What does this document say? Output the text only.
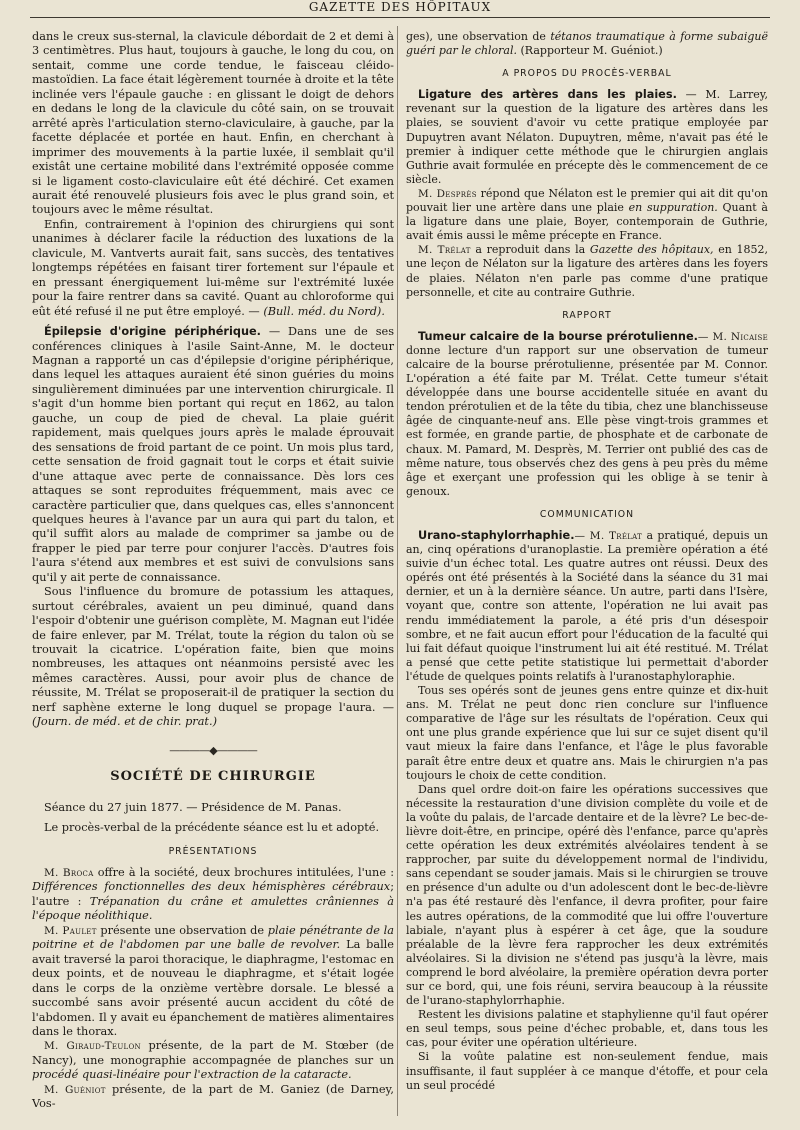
GAZETTE DES HÔPITAUX

dans le creux sus-sternal, la clavicule débordait de 2 et demi à 3 centimètres. Plus haut, toujours à gauche, le long du cou, on sentait, comme une corde tendue, le faisceau cléido-mastoïdien. La face était légèrement tournée à droite et la tête inclinée vers l'épaule gauche : en glissant le doigt de dehors en dedans le long de la clavicule du côté sain, on se trouvait arrêté après l'articulation sterno-claviculaire, à gauche, par la facette déplacée et portée en haut. Enfin, en cherchant à imprimer des mouvements à la partie luxée, il semblait qu'il existât une certaine mobilité dans l'extrémité opposée comme si le ligament costo-claviculaire eût été déchiré. Cet examen aurait été renouvelé plusieurs fois avec le plus grand soin, et toujours avec le même résultat.

Enfin, contrairement à l'opinion des chirurgiens qui sont unanimes à déclarer facile la réduction des luxations de la clavicule, M. Vantverts aurait fait, sans succès, des tentatives longtemps répétées en faisant tirer fortement sur l'épaule et en pressant énergiquement lui-même sur l'extrémité luxée pour la faire rentrer dans sa cavité. Quant au chloroforme qui eût été refusé il ne put être employé. — (Bull. méd. du Nord).

Épilepsie d'origine périphérique. — Dans une de ses conférences cliniques à l'asile Saint-Anne, M. le docteur Magnan a rapporté un cas d'épilepsie d'origine périphérique, dans lequel les attaques auraient été sinon guéries du moins singulièrement diminuées par une intervention chirurgicale. Il s'agit d'un homme bien portant qui reçut en 1862, au talon gauche, un coup de pied de cheval. La plaie guérit rapidement, mais quelques jours après le malade éprouvait des sensations de froid partant de ce point. Un mois plus tard, cette sensation de froid gagnait tout le corps et était suivie d'une attaque avec perte de connaissance. Dès lors ces attaques se sont reproduites fréquemment, mais avec ce caractère particulier que, dans quelques cas, elles s'annoncent quelques heures à l'avance par un aura qui part du talon, et qu'il suffit alors au malade de comprimer sa jambe ou de frapper le pied par terre pour conjurer l'accès. D'autres fois l'aura s'étend aux membres et est suivi de convulsions sans qu'il y ait perte de connaissance.

Sous l'influence du bromure de potassium les attaques, surtout cérébrales, avaient un peu diminué, quand dans l'espoir d'obtenir une guérison complète, M. Magnan eut l'idée de faire enlever, par M. Trélat, toute la région du talon où se trouvait la cicatrice. L'opération faite, bien que moins nombreuses, les attaques ont néanmoins persisté avec les mêmes caractères. Aussi, pour avoir plus de chance de réussite, M. Trélat se proposerait-il de pratiquer la section du nerf saphène externe le long duquel se propage l'aura. — (Journ. de méd. et de chir. prat.)

————◆————
SOCIÉTÉ DE CHIRURGIE

Séance du 27 juin 1877. — Présidence de M. Panas.

Le procès-verbal de la précédente séance est lu et adopté.

PRÉSENTATIONS

M. Broca offre à la société, deux brochures intitulées, l'une : Différences fonctionnelles des deux hémisphères cérébraux; l'autre : Trépanation du crâne et amulettes crâniennes à l'époque néolithique.

M. Paulet présente une observation de plaie pénétrante de la poitrine et de l'abdomen par une balle de revolver. La balle avait traversé la paroi thoracique, le diaphragme, l'estomac en deux points, et de nouveau le diaphragme, et s'était logée dans le corps de la onzième vertèbre dorsale. Le blessé a succombé sans avoir présenté aucun accident du côté de l'abdomen. Il y avait eu épanchement de matières alimentaires dans le thorax.

M. Giraud-Teulon présente, de la part de M. Stœber (de Nancy), une monographie accompagnée de planches sur un procédé quasi-linéaire pour l'extraction de la cataracte.

M. Guéniot présente, de la part de M. Ganiez (de Darney, Vos-

ges), une observation de tétanos traumatique à forme subaiguë guéri par le chloral. (Rapporteur M. Guéniot.)

A PROPOS DU PROCÈS-VERBAL

Ligature des artères dans les plaies. — M. Larrey, revenant sur la question de la ligature des artères dans les plaies, se souvient d'avoir vu cette pratique employée par Dupuytren avant Nélaton. Dupuytren, même, n'avait pas été le premier à indiquer cette méthode que le chirurgien anglais Guthrie avait formulée en précepte dès le commencement de ce siècle.

M. Desprès répond que Nélaton est le premier qui ait dit qu'on pouvait lier une artère dans une plaie en suppuration. Quant à la ligature dans une plaie, Boyer, contemporain de Guthrie, avait émis aussi le même précepte en France.

M. Trélat a reproduit dans la Gazette des hôpitaux, en 1852, une leçon de Nélaton sur la ligature des artères dans les foyers de plaies. Nélaton n'en parle pas comme d'une pratique personnelle, et cite au contraire Guthrie.

RAPPORT

Tumeur calcaire de la bourse prérotulienne.— M. Nicaise donne lecture d'un rapport sur une observation de tumeur calcaire de la bourse prérotulienne, présentée par M. Connor. L'opération a été faite par M. Trélat. Cette tumeur s'était développée dans une bourse accidentelle située en avant du tendon prérotulien et de la tête du tibia, chez une blanchisseuse âgée de cinquante-neuf ans. Elle pèse vingt-trois grammes et est formée, en grande partie, de phosphate et de carbonate de chaux. M. Pamard, M. Desprès, M. Terrier ont publié des cas de même nature, tous observés chez des gens à peu près du même âge et exerçant une profession qui les oblige à se tenir à genoux.

COMMUNICATION

Urano-staphylorrhaphie.— M. Trélat a pratiqué, depuis un an, cinq opérations d'uranoplastie. La première opération a été suivie d'un échec total. Les quatre autres ont réussi. Deux des opérés ont été présentés à la Société dans la séance du 31 mai dernier, et un à la dernière séance. Un autre, parti dans l'Isère, voyant que, contre son attente, l'opération ne lui avait pas rendu immédiatement la parole, a été pris d'un désespoir sombre, et ne fait aucun effort pour l'éducation de la faculté qui lui fait défaut quoique l'instrument lui ait été restitué. M. Trélat a pensé que cette petite statistique lui permettait d'aborder l'étude de quelques points relatifs à l'uranostaphyloraphie.

Tous ses opérés sont de jeunes gens entre quinze et dix-huit ans. M. Trélat ne peut donc rien conclure sur l'influence comparative de l'âge sur les résultats de l'opération. Ceux qui ont une plus grande expérience que lui sur ce sujet disent qu'il vaut mieux la faire dans l'enfance, et l'âge le plus favorable paraît être entre deux et quatre ans. Mais le chirurgien n'a pas toujours le choix de cette condition.

Dans quel ordre doit-on faire les opérations successives que nécessite la restauration d'une division complète du voile et de la voûte du palais, de l'arcade dentaire et de la lèvre? Le bec-de-lièvre doit-être, en principe, opéré dès l'enfance, parce qu'après cette opération les deux extrémités alvéolaires tendent à se rapprocher, par suite du développement normal de l'individu, sans cependant se souder jamais. Mais si le chirurgien se trouve en présence d'un adulte ou d'un adolescent dont le bec-de-lièvre n'a pas été restauré dès l'enfance, il devra profiter, pour faire les autres opérations, de la commodité que lui offre l'ouverture labiale, n'ayant plus à espérer à cet âge, que la soudure préalable de la lèvre fera rapprocher les deux extrémités alvéolaires. Si la division ne s'étend pas jusqu'à la lèvre, mais comprend le bord alvéolaire, la première opération devra porter sur ce bord, qui, une fois réuni, servira beaucoup à la réussite de l'urano-staphylorrhaphie.

Restent les divisions palatine et staphylienne qu'il faut opérer en seul temps, sous peine d'échec probable, et, dans tous les cas, pour éviter une opération ultérieure.

Si la voûte palatine est non-seulement fendue, mais insuffisante, il faut suppléer à ce manque d'étoffe, et pour cela un seul procédé
